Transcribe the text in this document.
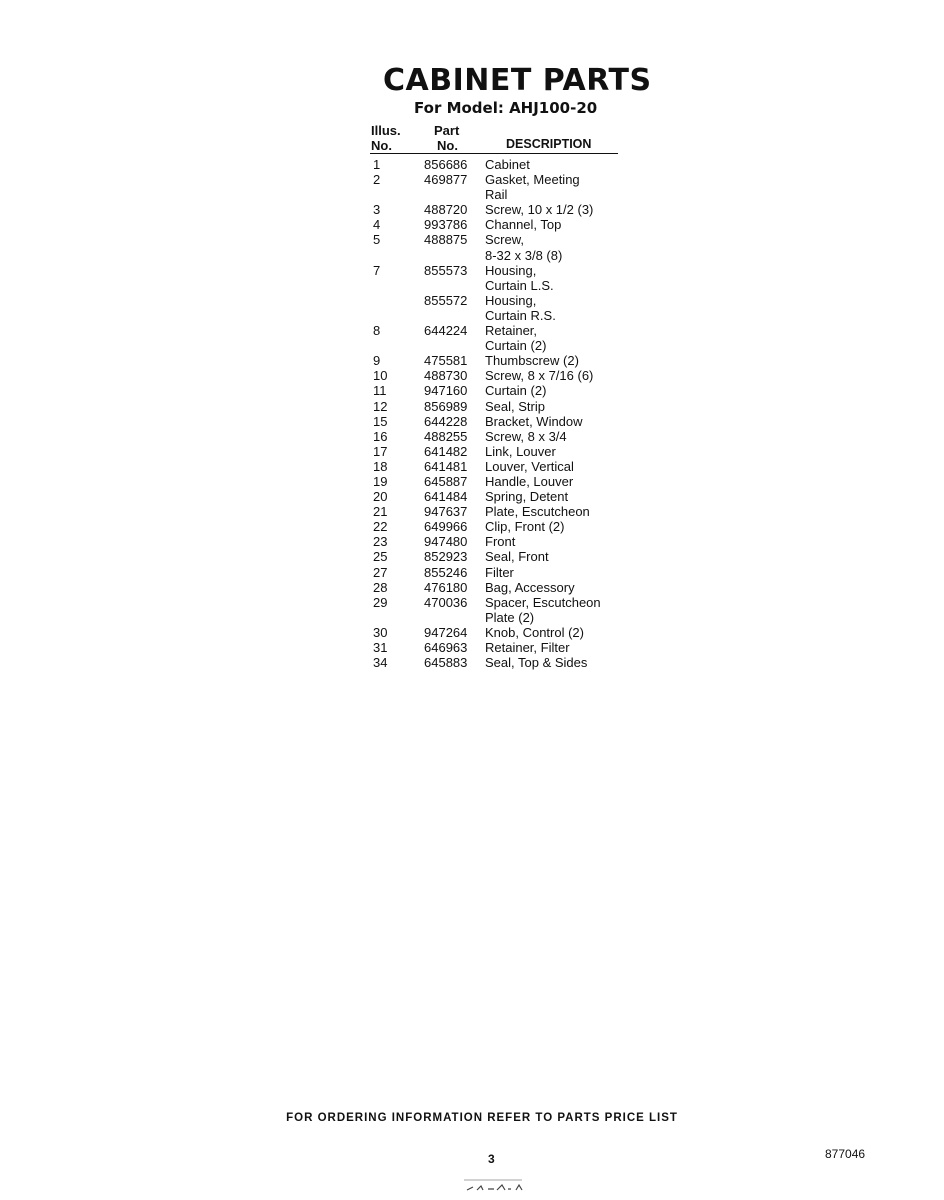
CABINET PARTS
For Model: AHJ100-20
Illus.
No.
Part
No.	DESCRIPTION
1	856686 Cabinet
2	469877 Gasket, Meeting
Rail
3	488720 Screw, 10 x 1/2 (3)
4	993786 Channel, Top
5	488875 Screw,
8-32 x 3/8 (8)
7	855573 Housing,
Curtain L.S.
855572 Housing,
Curtain R.S.
8	644224 Retainer,
Curtain (2)
9	475581 Thumbscrew (2)
10	488730 Screw, 8 x 7/16 (6)
11	947160 Curtain (2)
12	856989 Seal, Strip
15	644228 Bracket, Window
16	488255 Screw, 8 x 3/4
17	641482 Link, Louver
18	641481 Louver, Vertical
19	645887 Handle, Louver
20	641484 Spring, Detent
21	947637 Plate, Escutcheon
22	649966 Clip, Front (2)
23	947480 Front
25	852923 Seal, Front
27	855246 Filter
28	476180 Bag, Accessory
29	470036 Spacer, Escutcheon
Plate (2)
30	947264 Knob, Control (2)
31	646963 Retainer, Filter
34	645883 Seal, Top & Sides
FOR ORDERING INFORMATION REFER TO PARTS PRICE LIST
3	877046
